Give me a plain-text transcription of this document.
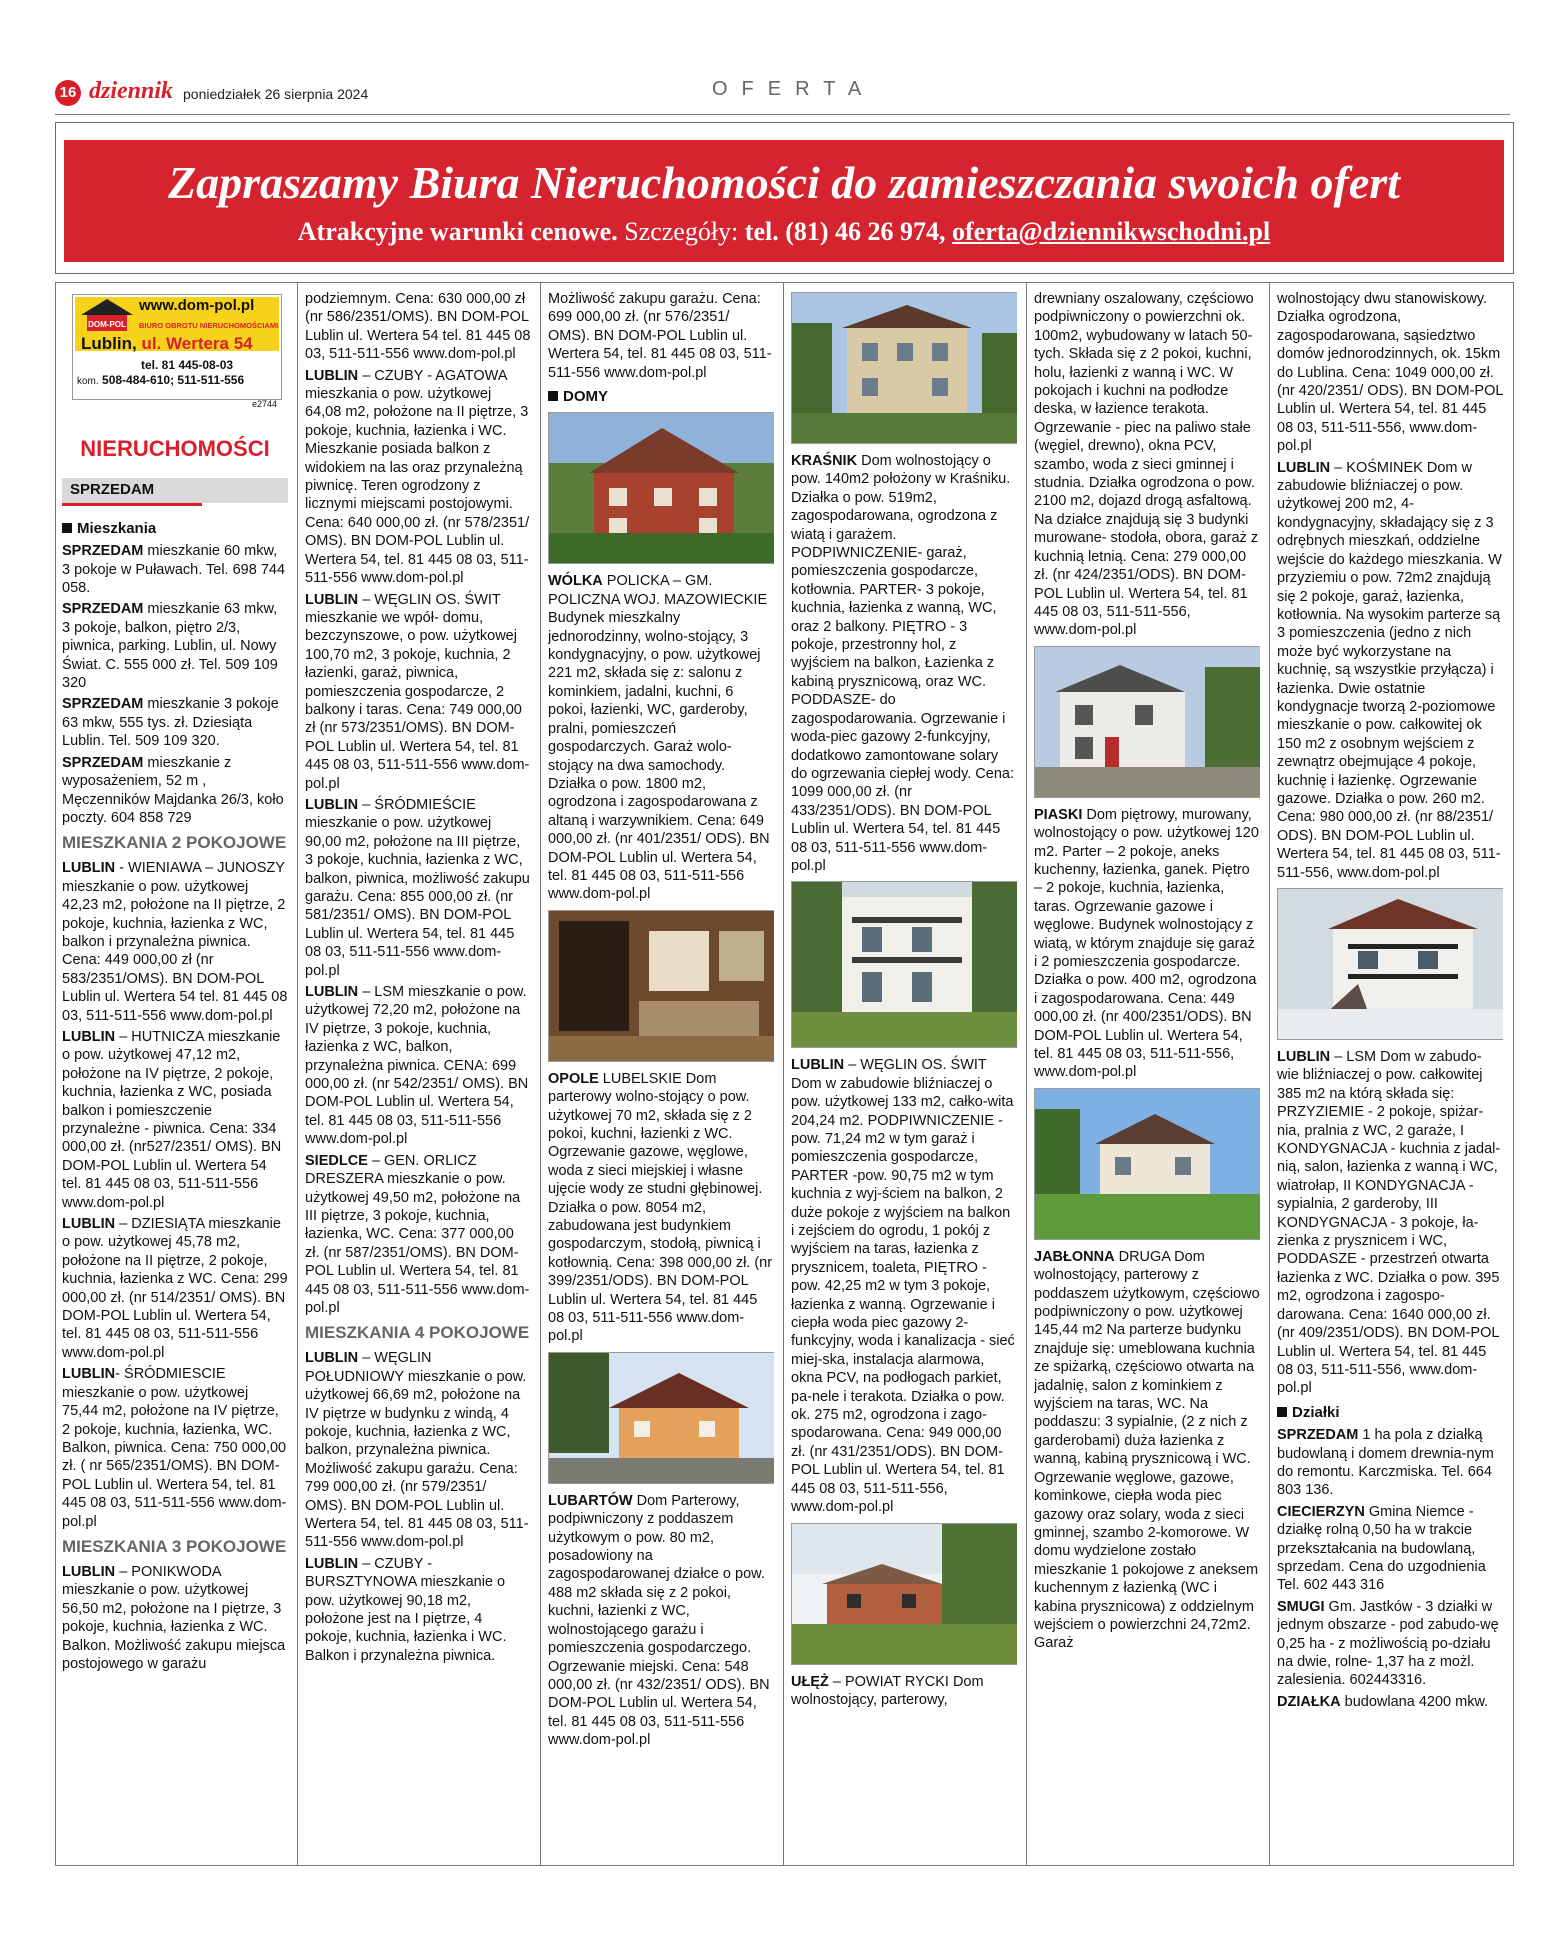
16 dziennik poniedziałek 26 sierpnia 2024	OFERTA
Zapraszamy Biura Nieruchomości do zamieszczania swoich ofert
Atrakcyjne warunki cenowe. Szczegóły: tel. (81) 46 26 974, oferta@dziennikwschodni.pl
DOM-POL
www.dom-pol.pl
BIURO OBROTU NIERUCHOMOŚCIAMI
Lublin, ul. Wertera 54
tel. 81 445-08-03
kom. 508-484-610; 511-511-556
e2744
NIERUCHOMOŚCI
SPRZEDAM
Mieszkania

SPRZEDAM mieszkanie 60 mkw, 3 pokoje w Puławach. Tel. 698 744 058.

SPRZEDAM mieszkanie 63 mkw, 3 pokoje, balkon, piętro 2/3, piwnica, parking. Lublin, ul. Nowy Świat. C. 555 000 zł. Tel. 509 109 320

SPRZEDAM mieszkanie 3 pokoje 63 mkw, 555 tys. zł. Dziesiąta Lublin. Tel. 509 109 320.

SPRZEDAM mieszkanie z wyposażeniem, 52 m , Męczenników Majdanka 26/3, koło poczty. 604 858 729

MIESZKANIA 2 POKOJOWE

LUBLIN - WIENIAWA – JUNOSZY mieszkanie o pow. użytkowej 42,23 m2, położone na II piętrze, 2 pokoje, kuchnia, łazienka z WC, balkon i przynależna piwnica. Cena: 449 000,00 zł (nr 583/2351/OMS). BN DOM-POL Lublin ul. Wertera 54 tel. 81 445 08 03, 511-511-556 www.dom-pol.pl

LUBLIN – HUTNICZA mieszkanie o pow. użytkowej 47,12 m2, położone na IV piętrze, 2 pokoje, kuchnia, łazienka z WC, posiada balkon i pomieszczenie przynależne - piwnica. Cena: 334 000,00 zł. (nr527/2351/ OMS). BN DOM-POL Lublin ul. Wertera 54 tel. 81 445 08 03, 511-511-556 www.dom-pol.pl

LUBLIN – DZIESIĄTA mieszkanie o pow. użytkowej 45,78 m2, położone na II piętrze, 2 pokoje, kuchnia, łazienka z WC. Cena: 299 000,00 zł. (nr 514/2351/ OMS). BN DOM-POL Lublin ul. Wertera 54, tel. 81 445 08 03, 511-511-556 www.dom-pol.pl

LUBLIN- ŚRÓDMIESCIE mieszkanie o pow. użytkowej 75,44 m2, położone na IV piętrze, 2 pokoje, kuchnia, łazienka, WC. Balkon, piwnica. Cena: 750 000,00 zł. ( nr 565/2351/OMS). BN DOM-POL Lublin ul. Wertera 54, tel. 81 445 08 03, 511-511-556 www.dom-pol.pl

MIESZKANIA 3 POKOJOWE

LUBLIN – PONIKWODA mieszkanie o pow. użytkowej 56,50 m2, położone na I piętrze, 3 pokoje, kuchnia, łazienka z WC. Balkon. Możliwość zakupu miejsca postojowego w garażu

podziemnym. Cena: 630 000,00 zł (nr 586/2351/OMS). BN DOM-POL Lublin ul. Wertera 54 tel. 81 445 08 03, 511-511-556 www.dom-pol.pl

LUBLIN – CZUBY - AGATOWA mieszkania o pow. użytkowej 64,08 m2, położone na II piętrze, 3 pokoje, kuchnia, łazienka i WC. Mieszkanie posiada balkon z widokiem na las oraz przynależną piwnicę. Teren ogrodzony z licznymi miejscami postojowymi. Cena: 640 000,00 zł. (nr 578/2351/ OMS). BN DOM-POL Lublin ul. Wertera 54, tel. 81 445 08 03, 511-511-556 www.dom-pol.pl

LUBLIN – WĘGLIN OS. ŚWIT mieszkanie we wpół- domu, bezczynszowe, o pow. użytkowej 100,70 m2, 3 pokoje, kuchnia, 2 łazienki, garaż, piwnica, pomieszczenia gospodarcze, 2 balkony i taras. Cena: 749 000,00 zł (nr 573/2351/OMS). BN DOM-POL Lublin ul. Wertera 54, tel. 81 445 08 03, 511-511-556 www.dom-pol.pl

LUBLIN – ŚRÓDMIEŚCIE mieszkanie o pow. użytkowej 90,00 m2, położone na III piętrze, 3 pokoje, kuchnia, łazienka z WC, balkon, piwnica, możliwość zakupu garażu. Cena: 855 000,00 zł. (nr 581/2351/ OMS). BN DOM-POL Lublin ul. Wertera 54, tel. 81 445 08 03, 511-511-556 www.dom-pol.pl

LUBLIN – LSM mieszkanie o pow. użytkowej 72,20 m2, położone na IV piętrze, 3 pokoje, kuchnia, łazienka z WC, balkon, przynależna piwnica. CENA: 699 000,00 zł. (nr 542/2351/ OMS). BN DOM-POL Lublin ul. Wertera 54, tel. 81 445 08 03, 511-511-556 www.dom-pol.pl

SIEDLCE – GEN. ORLICZ DRESZERA mieszkanie o pow. użytkowej 49,50 m2, położone na III piętrze, 3 pokoje, kuchnia, łazienka, WC. Cena: 377 000,00 zł. (nr 587/2351/OMS). BN DOM-POL Lublin ul. Wertera 54, tel. 81 445 08 03, 511-511-556 www.dom-pol.pl

MIESZKANIA 4 POKOJOWE

LUBLIN – WĘGLIN POŁUDNIOWY mieszkanie o pow. użytkowej 66,69 m2, położone na IV piętrze w budynku z windą, 4 pokoje, kuchnia, łazienka z WC, balkon, przynależna piwnica. Możliwość zakupu garażu. Cena: 799 000,00 zł. (nr 579/2351/ OMS). BN DOM-POL Lublin ul. Wertera 54, tel. 81 445 08 03, 511-511-556 www.dom-pol.pl

LUBLIN – CZUBY - BURSZTYNOWA mieszkanie o pow. użytkowej 90,18 m2, położone jest na I piętrze, 4 pokoje, kuchnia, łazienka i WC. Balkon i przynależna piwnica.

Możliwość zakupu garażu. Cena: 699 000,00 zł. (nr 576/2351/ OMS). BN DOM-POL Lublin ul. Wertera 54, tel. 81 445 08 03, 511-511-556 www.dom-pol.pl

DOMY

WÓLKA POLICKA – GM. POLICZNA WOJ. MAZOWIECKIE Budynek mieszkalny jednorodzinny, wolno-stojący, 3 kondygnacyjny, o pow. użytkowej 221 m2, składa się z: salonu z kominkiem, jadalni, kuchni, 6 pokoi, łazienki, WC, garderoby, pralni, pomieszczeń gospodarczych. Garaż wolo-stojący na dwa samochody. Działka o pow. 1800 m2, ogrodzona i zagospodarowana z altaną i warzywnikiem. Cena: 649 000,00 zł. (nr 401/2351/ ODS). BN DOM-POL Lublin ul. Wertera 54, tel. 81 445 08 03, 511-511-556 www.dom-pol.pl

OPOLE LUBELSKIE Dom parterowy wolno-stojący o pow. użytkowej 70 m2, składa się z 2 pokoi, kuchni, łazienki z WC. Ogrzewanie gazowe, węglowe, woda z sieci miejskiej i własne ujęcie wody ze studni głębinowej. Działka o pow. 8054 m2, zabudowana jest budynkiem gospodarczym, stodołą, piwnicą i kotłownią. Cena: 398 000,00 zł. (nr 399/2351/ODS). BN DOM-POL Lublin ul. Wertera 54, tel. 81 445 08 03, 511-511-556 www.dom-pol.pl

LUBARTÓW Dom Parterowy, podpiwniczony z poddaszem użytkowym o pow. 80 m2, posadowiony na zagospodarowanej działce o pow. 488 m2 składa się z 2 pokoi, kuchni, łazienki z WC, wolnostojącego garażu i pomieszczenia gospodarczego. Ogrzewanie miejski. Cena: 548 000,00 zł. (nr 432/2351/ ODS). BN DOM-POL Lublin ul. Wertera 54, tel. 81 445 08 03, 511-511-556 www.dom-pol.pl

KRAŚNIK Dom wolnostojący o pow. 140m2 położony w Kraśniku. Działka o pow. 519m2, zagospodarowana, ogrodzona z wiatą i garażem. PODPIWNICZENIE- garaż, pomieszczenia gospodarcze, kotłownia. PARTER- 3 pokoje, kuchnia, łazienka z wanną, WC, oraz 2 balkony. PIĘTRO - 3 pokoje, przestronny hol, z wyjściem na balkon, Łazienka z kabiną prysznicową, oraz WC. PODDASZE- do zagospodarowania. Ogrzewanie i woda-piec gazowy 2-funkcyjny, dodatkowo zamontowane solary do ogrzewania ciepłej wody. Cena: 1099 000,00 zł. (nr 433/2351/ODS). BN DOM-POL Lublin ul. Wertera 54, tel. 81 445 08 03, 511-511-556 www.dom-pol.pl

LUBLIN – WĘGLIN OS. ŚWIT Dom w zabudowie bliźniaczej o pow. użytkowej 133 m2, całko-wita 204,24 m2. PODPIWNICZENIE - pow. 71,24 m2 w tym garaż i pomieszczenia gospodarcze, PARTER -pow. 90,75 m2 w tym kuchnia z wyj-ściem na balkon, 2 duże pokoje z wyjściem na balkon i zejściem do ogrodu, 1 pokój z wyjściem na taras, łazienka z prysznicem, toaleta, PIĘTRO - pow. 42,25 m2 w tym 3 pokoje, łazienka z wanną. Ogrzewanie i ciepła woda piec gazowy 2-funkcyjny, woda i kanalizacja - sieć miej-ska, instalacja alarmowa, okna PCV, na podłogach parkiet, pa-nele i terakota. Działka o pow. ok. 275 m2, ogrodzona i zago-spodarowana. Cena: 949 000,00 zł. (nr 431/2351/ODS). BN DOM-POL Lublin ul. Wertera 54, tel. 81 445 08 03, 511-511-556, www.dom-pol.pl

UŁĘŻ – POWIAT RYCKI Dom wolnostojący, parterowy,

drewniany oszalowany, częściowo podpiwniczony o powierzchni ok. 100m2, wybudowany w latach 50-tych. Składa się z 2 pokoi, kuchni, holu, łazienki z wanną i WC. W pokojach i kuchni na podłodze deska, w łazience terakota. Ogrzewanie - piec na paliwo stałe (węgiel, drewno), okna PCV, szambo, woda z sieci gminnej i studnia. Działka ogrodzona o pow. 2100 m2, dojazd drogą asfaltową. Na działce znajdują się 3 budynki murowane- stodoła, obora, garaż z kuchnią letnią. Cena: 279 000,00 zł. (nr 424/2351/ODS). BN DOM-POL Lublin ul. Wertera 54, tel. 81 445 08 03, 511-511-556, www.dom-pol.pl

PIASKI Dom piętrowy, murowany, wolnostojący o pow. użytkowej 120 m2. Parter – 2 pokoje, aneks kuchenny, łazienka, ganek. Piętro – 2 pokoje, kuchnia, łazienka, taras. Ogrzewanie gazowe i węglowe. Budynek wolnostojący z wiatą, w którym znajduje się garaż i 2 pomieszczenia gospodarcze. Działka o pow. 400 m2, ogrodzona i zagospodarowana. Cena: 449 000,00 zł. (nr 400/2351/ODS). BN DOM-POL Lublin ul. Wertera 54, tel. 81 445 08 03, 511-511-556, www.dom-pol.pl

JABŁONNA DRUGA Dom wolnostojący, parterowy z poddaszem użytkowym, częściowo podpiwniczony o pow. użytkowej 145,44 m2 Na parterze budynku znajduje się: umeblowana kuchnia ze spiżarką, częściowo otwarta na jadalnię, salon z kominkiem z wyjściem na taras, WC. Na poddaszu: 3 sypialnie, (2 z nich z garderobami) duża łazienka z wanną, kabiną prysznicową i WC. Ogrzewanie węglowe, gazowe, kominkowe, ciepła woda piec gazowy oraz solary, woda z sieci gminnej, szambo 2-komorowe. W domu wydzielone zostało mieszkanie 1 pokojowe z aneksem kuchennym z łazienką (WC i kabina prysznicowa) z oddzielnym wejściem o powierzchni 24,72m2. Garaż

wolnostojący dwu stanowiskowy. Działka ogrodzona, zagospodarowana, sąsiedztwo domów jednorodzinnych, ok. 15km do Lublina. Cena: 1049 000,00 zł. (nr 420/2351/ ODS). BN DOM-POL Lublin ul. Wertera 54, tel. 81 445 08 03, 511-511-556, www.dom-pol.pl

LUBLIN – KOŚMINEK Dom w zabudowie bliźniaczej o pow. użytkowej 200 m2, 4-kondygnacyjny, składający się z 3 odrębnych mieszkań, oddzielne wejście do każdego mieszkania. W przyziemiu o pow. 72m2 znajdują się 2 pokoje, garaż, łazienka, kotłownia. Na wysokim parterze są 3 pomieszczenia (jedno z nich może być wykorzystane na kuchnię, są wszystkie przyłącza) i łazienka. Dwie ostatnie kondygnacje tworzą 2-poziomowe mieszkanie o pow. całkowitej ok 150 m2 z osobnym wejściem z zewnątrz obejmujące 4 pokoje, kuchnię i łazienkę. Ogrzewanie gazowe. Działka o pow. 260 m2. Cena: 980 000,00 zł. (nr 88/2351/ ODS). BN DOM-POL Lublin ul. Wertera 54, tel. 81 445 08 03, 511-511-556, www.dom-pol.pl

LUBLIN – LSM Dom w zabudo-wie bliźniaczej o pow. całkowitej 385 m2 na którą składa się: PRZYZIEMIE - 2 pokoje, spiżar-nia, pralnia z WC, 2 garaże, I KONDYGNACJA - kuchnia z jadal-nią, salon, łazienka z wanną i WC, wiatrołap, II KONDYGNACJA - sypialnia, 2 garderoby, III KONDYGNACJA - 3 pokoje, ła-zienka z prysznicem i WC, PODDASZE - przestrzeń otwarta łazienka z WC. Działka o pow. 395 m2, ogrodzona i zagospo-darowana. Cena: 1640 000,00 zł. (nr 409/2351/ODS). BN DOM-POL Lublin ul. Wertera 54, tel. 81 445 08 03, 511-511-556, www.dom-pol.pl

Działki

SPRZEDAM 1 ha pola z działką budowlaną i domem drewnia-nym do remontu. Karczmiska. Tel. 664 803 136.

CIECIERZYN Gmina Niemce - działkę rolną 0,50 ha w trakcie przekształcania na budowlaną, sprzedam. Cena do uzgodnienia Tel. 602 443 316

SMUGI Gm. Jastków - 3 działki w jednym obszarze - pod zabudo-wę 0,25 ha - z możliwością po-działu na dwie, rolne- 1,37 ha z możl. zalesienia. 602443316.

DZIAŁKA budowlana 4200 mkw.
